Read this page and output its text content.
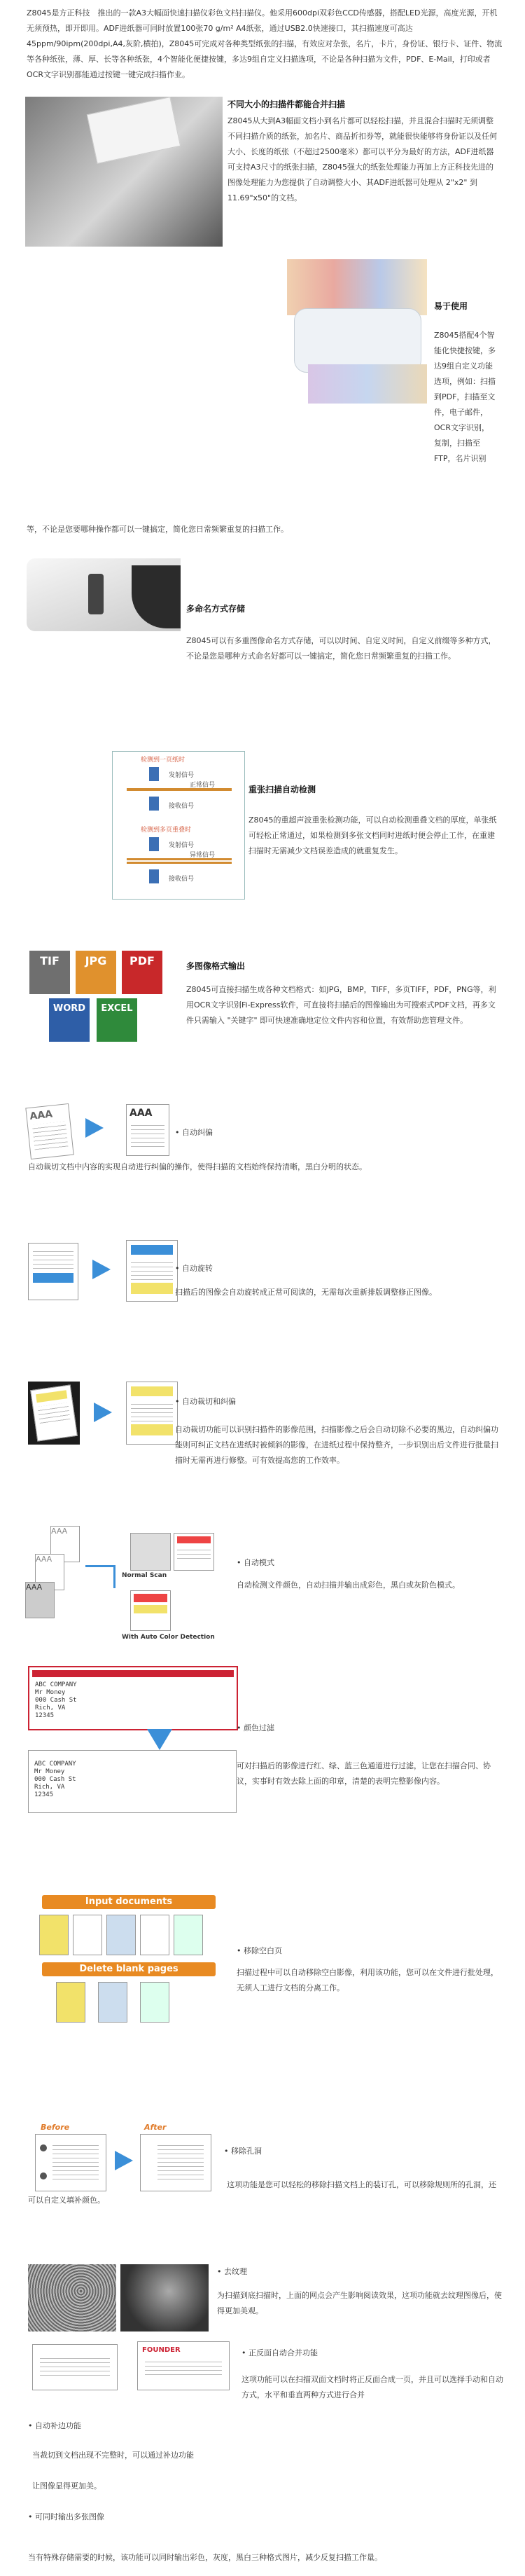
Z8045是方正科技　推出的一款A3大幅面快速扫描仪彩色文档扫描仪。他采用600dpi双彩色CCD传感器，搭配LED光源，高度光源，开机无须预热，即开即用。ADF进纸器可同时放置100张70 g/m² A4纸张，通过USB2.0快速接口，其扫描速度可高达45ppm/90ipm(200dpi,A4,灰阶,横拍)，Z8045可完成对各种类型纸张的扫描，有效应对杂张，名片，卡片，身份证、银行卡、证件、物流等各种纸张，薄、厚、长等各种纸张，4个智能化便捷按键，多达9组自定义扫描选项，不论是各种扫描为文件，PDF、E-Mail，打印或者OCR文字识别都能通过按键一键完成扫描作业。
不同大小的扫描件都能合并扫描
Z8045从大到A3幅面文档小到名片都可以轻松扫描，并且混合扫描时无须调整不同扫描介质的纸张，加名片、商品折扣券等，就能很快能够将身份证以及任何大小、长度的纸张（不超过2500毫米）都可以平分为最好的方法，ADF进纸器可支持A3尺寸的纸张扫描，Z8045强大的纸张处理能力再加上方正科技先进的图像处理能力为您提供了自动调整大小、其ADF进纸器可处理从 2"x2" 到11.69"x50"的文档。
易于使用

Z8045搭配4个智

能化快捷按键，多

达9组自定义功能

选项，例如：扫描

到PDF，扫描至文

件，电子邮件，

OCR文字识别，

复制，扫描至

FTP，名片识别

等，不论是您要哪种操作都可以一键搞定，简化您日常频繁重复的扫描工作。
多命名方式存储
Z8045可以有多重图像命名方式存储，可以以时间、自定义时间，自定义前缀等多种方式，不论是您是哪种方式命名好都可以一键搞定，简化您日常频繁重复的扫描工作。
检测到一页纸时
发射信号
正常信号
接收信号
检测到多页重叠时
发射信号
异常信号
接收信号
重张扫描自动检测
Z8045的重超声波重张检测功能，可以自动检测重叠文档的厚度，单张纸可轻松正常通过，如果检测到多张文档同时进纸时便会停止工作，在重建扫描时无需减少文档误差造成的就重复发生。
TIF	JPG	PDF
WORD	EXCEL
多图像格式输出
Z8045可直接扫描生成各种文档格式：如JPG，BMP，TIFF，多页TIFF，PDF，PNG等，利用OCR文字识别Fi-Express软件，可直接将扫描后的图像输出为可搜索式PDF文档，再多文件只需输入 "关键字" 即可快速准确地定位文件内容和位置，有效帮助您管理文件。
AAA	AAA
• 自动纠偏
自动裁切文档中内容的实现自动进行纠偏的操作，使得扫描的文档始终保持清晰，黑白分明的状态。
• 自动旋转
扫描后的图像会自动旋转成正常可阅读的，无需每次重新排版调整修正图像。
• 自动裁切和纠偏
自动裁切功能可以识别扫描件的影像范围，扫描影像之后会自动切除不必要的黑边，自动纠偏功能则可纠正文档在进纸时被倾斜的影像，在进纸过程中保持整齐，一步识别出后文件进行批量扫描时无需再进行修整。可有效提高您的工作效率。
AAA
AAA
AAA
Normal Scan
With Auto Color Detection
• 自动模式
自动检测文件颜色，自动扫描并输出成彩色，黑白或灰阶色模式。
ABC COMPANY
Mr Money
000 Cash St
Rich, VA
12345
ABC COMPANY
Mr Money
000 Cash St
Rich, VA
12345
• 颜色过滤
可对扫描后的影像进行红、绿、蓝三色通道进行过滤，让您在扫描合同、协议，实事时有效去除上面的印章，清楚的表明完整影像内容。
Input documents
Delete blank pages
• 移除空白页
扫描过程中可以自动移除空白影像，利用该功能，您可以在文件进行批处理，无须人工进行文档的分离工作。
Before	After
• 移除孔洞
这项功能是您可以轻松的移除扫描文档上的装订孔，可以移除规则所的孔洞，还可以自定义填补颜色。
• 去纹理
为扫描到底扫描时，上面的网点会产生影响阅读效果，这项功能就去纹理图像后，使得更加美观。
FOUNDER
•	正反面自动合并功能
这项功能可以在扫描双面文档时将正反面合成一页，并且可以选择手动和自动方式，水平和垂直两种方式进行合并
• 自动补边功能
当裁切到文档出现不完整时，可以通过补边功能
让图像显得更加美。
• 可同时输出多张图像
当有特殊存储需要的时候，该功能可以同时输出彩色，灰度，黑白三种格式图片，减少反复扫描工作量。
